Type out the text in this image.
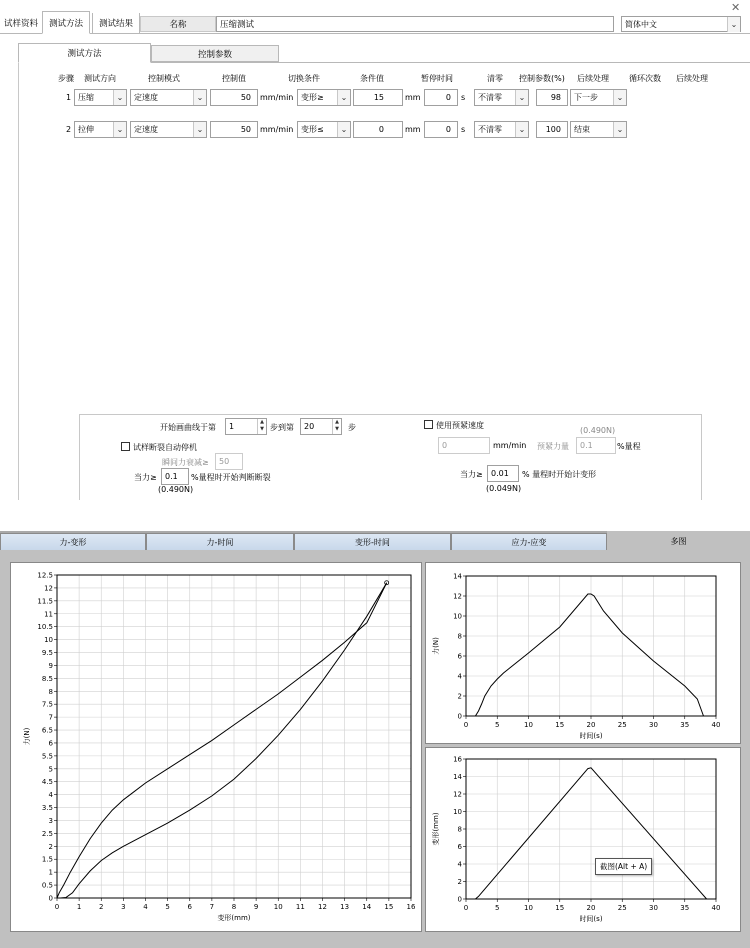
试样资料 测试方法 测试结果	名称	压缩测试	简体中文	⌄
✕
测试方法	控制参数
步骤 测试方向	控制模式	控制值	切换条件	条件值	暂停时间	清零 控制参数(%) 后续处理	循环次数 后续处理
1 压缩	⌄	定速度	⌄	50	mm/min 变形≥	⌄	15	mm	0	s 不清零	⌄	98	下一步	⌄
2 拉伸	⌄	定速度	⌄	50	mm/min 变形≤	⌄	0	mm	0	s 不清零	⌄	100	结束	⌄
开始画曲线于第 1	▲
▼ 步到第 20	▲
▼ 步	使用预紧速度
(0.490N)
0	mm/min 预紧力量	0.1	%量程
试样断裂自动停机
瞬间力衰减≥	50
当力≥	0.1	%量程时开始判断断裂
(0.490N)
当力≥	0.01	% 量程时开始计变形
(0.049N)
力-变形	力-时间	变形-时间	应力-应变	多图
0	1	2	3	4	5	6	7	8	9 10 11 12 13 14 15 16
0
0.5
1
1.5
2
2.5
3
3.5
4
4.5
5
5.5
6
6.5
7
7.5
8
8.5
9
9.5
10
10.5
11
11.5
12
12.5
变形(mm)
力(N)
0	5	10	15	20	25	30	35	40
0
2
4
6
8
10
12
14
时间(s)
力(N)
0	5	10	15	20	25	30	35	40
0
2
4
6
8
10
12
14
16
时间(s)
变形(mm)
截图(Alt + A)
